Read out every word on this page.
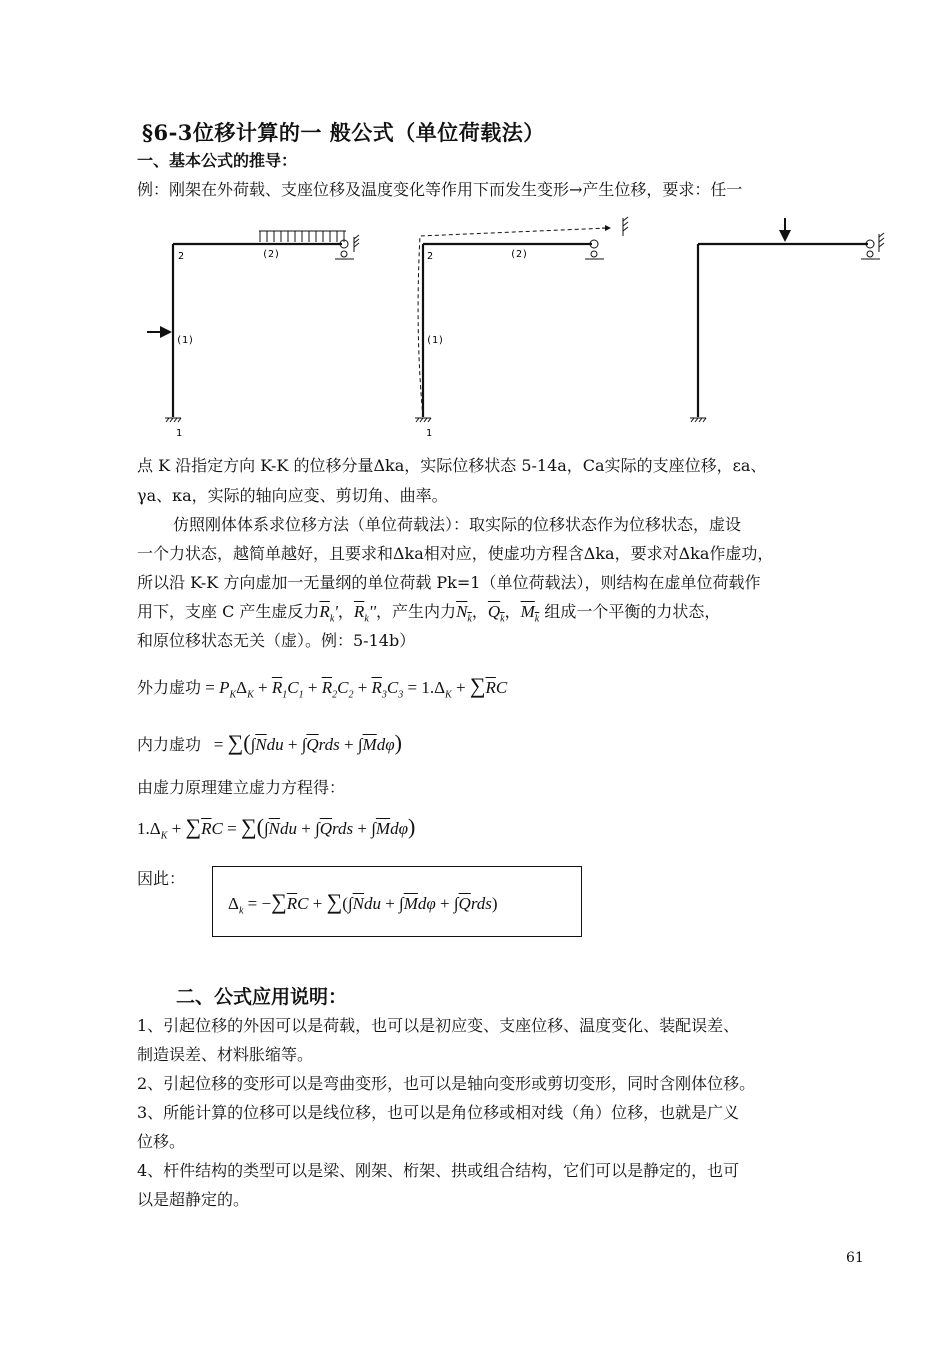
§6-3位移计算的一 般公式（单位荷载法）
一、基本公式的推导：
例：刚架在外荷载、支座位移及温度变化等作用下而发生变形→产生位移，要求：任一
2
1
(2)
(1)
2
1
(2)
(1)
点 K 沿指定方向 K-K 的位移分量Δka，实际位移状态 5-14a，Ca实际的支座位移，εa、
γa、κa，实际的轴向应变、剪切角、曲率。
仿照刚体体系求位移方法（单位荷载法）：取实际的位移状态作为位移状态，虚设
一个力状态，越简单越好，且要求和Δka相对应，使虚功方程含Δka，要求对Δka作虚功，
所以沿 K-K 方向虚加一无量纲的单位荷载 Pk=1（单位荷载法），则结构在虚单位荷载作
用下，支座 C 产生虚反力$\overline{R}_k'$，$\overline{R}_k''$，产生内力$N_k$，$Q_k$，$M_k$ 组成一个平衡的力状态，
和原位移状态无关（虚）。例：5-14b）
外力虚功 = $P_K\Delta_K + \overline{R}_1C_1 + \overline{R}_2C_2 + \overline{R}_3C_3 = 1.\Delta_K + \sum\overline{R}C$
内力虚功   = $\sum(\int\overline{N}du + \int\overline{Q}rds + \int\overline{M}d\varphi)$
由虚力原理建立虚力方程得：
$1.\Delta_K + \sum\overline{R}C = \sum(\int\overline{N}du + \int\overline{Q}rds + \int\overline{M}d\varphi)$
因此：
$\Delta_k = -\sum\overline{R}C + \sum(\int\overline{N}du + \int\overline{M}d\varphi + \int\overline{Q}rds)$
二、公式应用说明：
1、引起位移的外因可以是荷载，也可以是初应变、支座位移、温度变化、装配误差、
制造误差、材料胀缩等。
2、引起位移的变形可以是弯曲变形，也可以是轴向变形或剪切变形，同时含刚体位移。
3、所能计算的位移可以是线位移，也可以是角位移或相对线（角）位移，也就是广义
位移。
4、杆件结构的类型可以是梁、刚架、桁架、拱或组合结构，它们可以是静定的，也可
以是超静定的。
61
